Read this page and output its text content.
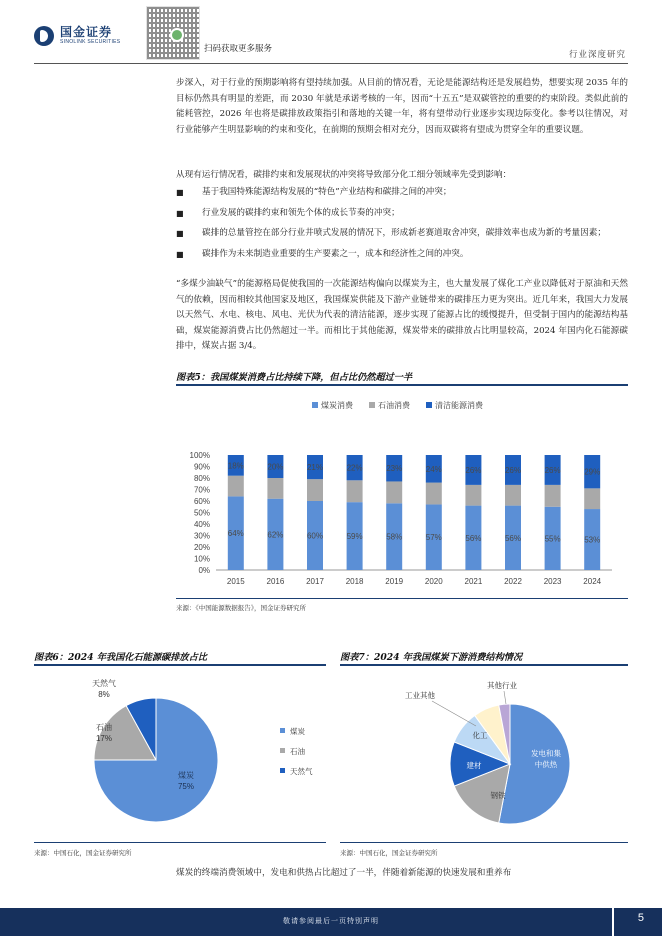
国金证券
SINOLINK SECURITIES
扫码获取更多服务
行业深度研究

步深入，对于行业的预期影响将有望持续加强。从目前的情况看，无论是能源结构还是发展趋势，想要实现 2035 年的目标仍然具有明显的差距，而 2030 年就是承诺考核的一年，因而“十五五”是双碳管控的重要的约束阶段。类似此前的能耗管控，2026 年也将是碳排放政策指引和落地的关键一年，将有望带动行业逐步实现边际变化。参考以往情况，对行业能够产生明显影响的约束和变化，在前期的预期会相对充分，因而双碳将有望成为贯穿全年的重要议题。

从现有运行情况看，碳排约束和发展现状的冲突将导致部分化工细分领域率先受到影响：

■ 基于我国特殊能源结构发展的“特色”产业结构和碳排之间的冲突；
■ 行业发展的碳排约束和领先个体的成长节奏的冲突；
■ 碳排的总量管控在部分行业井喷式发展的情况下，形成新老赛道取舍冲突，碳排效率也成为新的考量因素；
■ 碳排作为未来制造业重要的生产要素之一，成本和经济性之间的冲突。

“多煤少油缺气”的能源格局促使我国的一次能源结构偏向以煤炭为主，也大量发展了煤化工产业以降低对于原油和天然气的依赖，因而相较其他国家及地区，我国煤炭供能及下游产业链带来的碳排压力更为突出。近几年来，我国大力发展以天然气、水电、核电、风电、光伏为代表的清洁能源，逐步实现了能源占比的缓慢提升，但受制于国内的能源结构基础，煤炭能源消费占比仍然超过一半。而相比于其他能源，煤炭带来的碳排放占比明显较高，2024 年国内化石能源碳排中，煤炭占据 3/4。

图表5：我国煤炭消费占比持续下降，但占比仍然超过一半
煤炭消费	石油消费	清洁能源消费
0%
10%
20%
30%
40%
50%
60%
70%
80%
90%
100%
64%
18%
2015
62%
20%
2016
60%
21%
2017
59%
22%
2018
58%
23%
2019
57%
24%
2020
56%
26%
2021
56%
26%
2022
55%
26%
2023
53%
29%
2024
来源：《中国能源数据报告》，国金证券研究所
图表6：2024 年我国化石能源碳排放占比
煤炭
75%
石油
17%
天然气
8%
煤炭
石油
天然气
来源：中国石化，国金证券研究所
图表7：2024 年我国煤炭下游消费结构情况
发电和集
中供热
钢铁
建材
化工
工业其他
其他行业
来源：中国石化，国金证券研究所

煤炭的终端消费领域中，发电和供热占比超过了一半，伴随着新能源的快速发展和重养布

敬请参阅最后一页特别声明	5
